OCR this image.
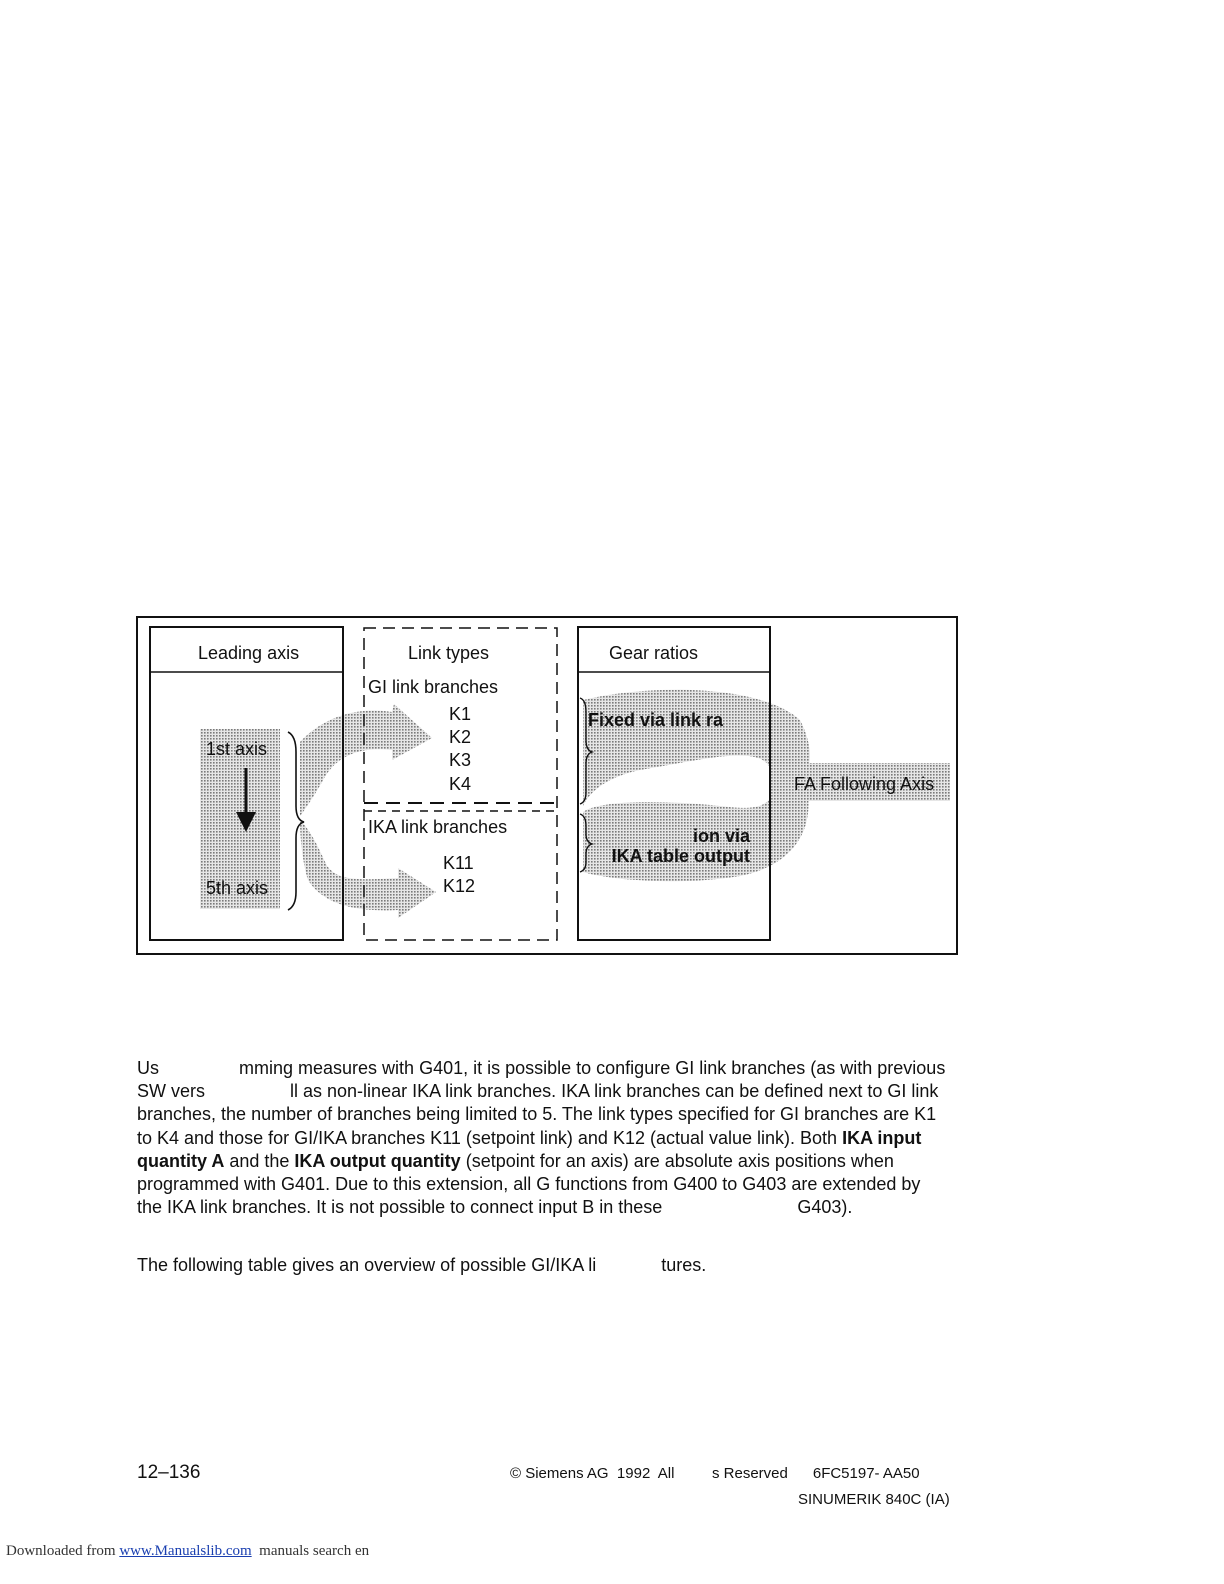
Leading axis
1st axis
5th axis
Link types
GI link branches
K1
K2
K3
K4
IKA link branches
K11
K12
Gear ratios
Fixed via link ra
ion via
IKA table output
FA Following Axis

Us                mming measures with G401, it is possible to configure GI link branches (as with previous SW vers                 ll as non-linear IKA link branches. IKA link branches can be defined next to GI link branches, the number of branches being limited to 5. The link types specified for GI branches are K1 to K4 and those for GI/IKA branches K11 (setpoint link) and K12 (actual value link). Both IKA input quantity A and the IKA output quantity (setpoint for an axis) are absolute axis positions when programmed with G401. Due to this extension, all G functions from G400 to G403 are extended by the IKA link branches. It is not possible to connect input B in these                           G403).

The following table gives an overview of possible GI/IKA li             tures.

12–136	© Siemens AG  1992  All         s Reserved      6FC5197- AA50
SINUMERIK 840C (IA)
Downloaded from www.Manualslib.com  manuals search en
